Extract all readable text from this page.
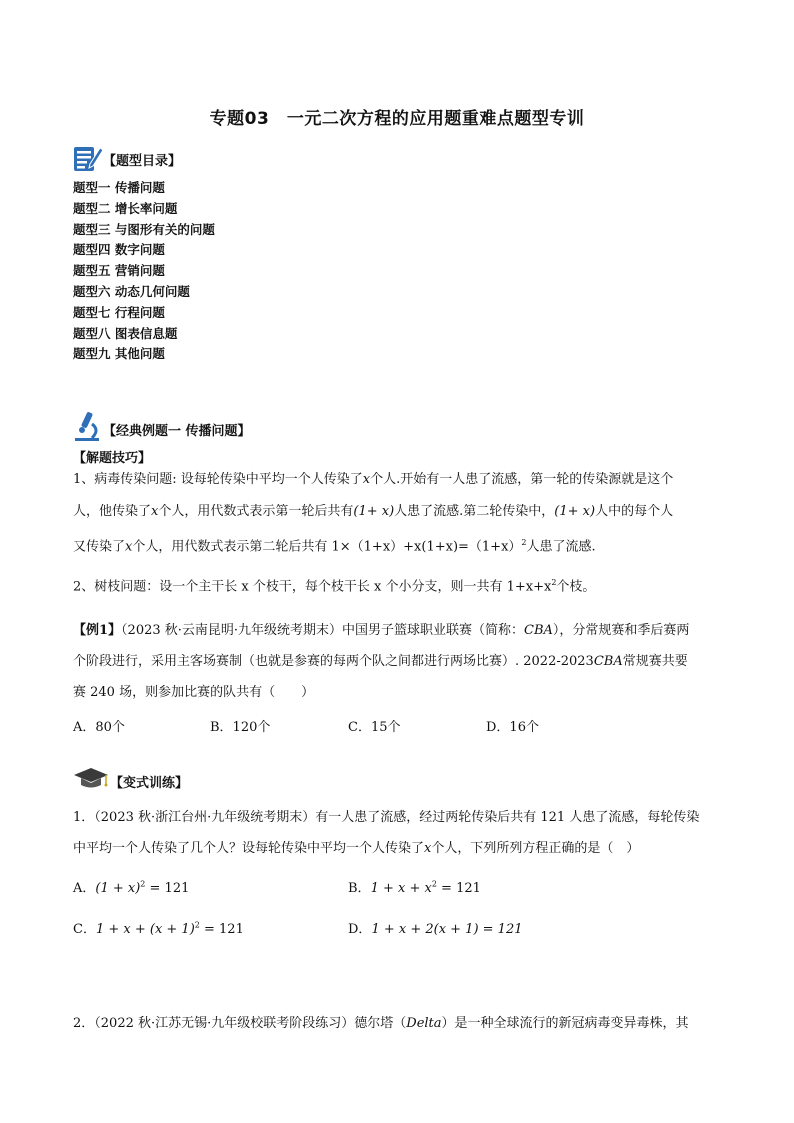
专题03　一元二次方程的应用题重难点题型专训
【题型目录】
题型一 传播问题
题型二 增长率问题
题型三 与图形有关的问题
题型四 数字问题
题型五 营销问题
题型六 动态几何问题
题型七 行程问题
题型八 图表信息题
题型九 其他问题
【经典例题一 传播问题】
【解题技巧】
1、病毒传染问题: 设每轮传染中平均一个人传染了x个人.开始有一人患了流感，第一轮的传染源就是这个
人，他传染了x个人，用代数式表示第一轮后共有(1+ x)人患了流感.第二轮传染中，(1+ x)人中的每个人
又传染了x个人，用代数式表示第二轮后共有 $1\times(1+x)+x(1+x)=(1+x)^2$人患了流感.
2、树枝问题：设一个主干长 x 个枝干，每个枝干长 x 个小分支，则一共有 $1+x+x^2$个枝。
【例1】（2023 秋·云南昆明·九年级统考期末）中国男子篮球职业联赛（简称：CBA），分常规赛和季后赛两
个阶段进行，采用主客场赛制（也就是参赛的每两个队之间都进行两场比赛）. 2022-2023CBA常规赛共要
赛 240 场，则参加比赛的队共有（　　）
A．80个	B．120个	C．15个	D．16个
【变式训练】
1．（2023 秋·浙江台州·九年级统考期末）有一人患了流感，经过两轮传染后共有 121 人患了流感，每轮传染
中平均一个人传染了几个人？设每轮传染中平均一个人传染了x个人，下列所列方程正确的是（　）
A．$(1 + x)^2 = 121$	B．$1 + x + x^2 = 121$
C．$1 + x + (x + 1)^2 = 121$	D．1 + x + 2(x + 1) = 121
2．（2022 秋·江苏无锡·九年级校联考阶段练习）德尔塔（Delta）是一种全球流行的新冠病毒变异毒株，其
